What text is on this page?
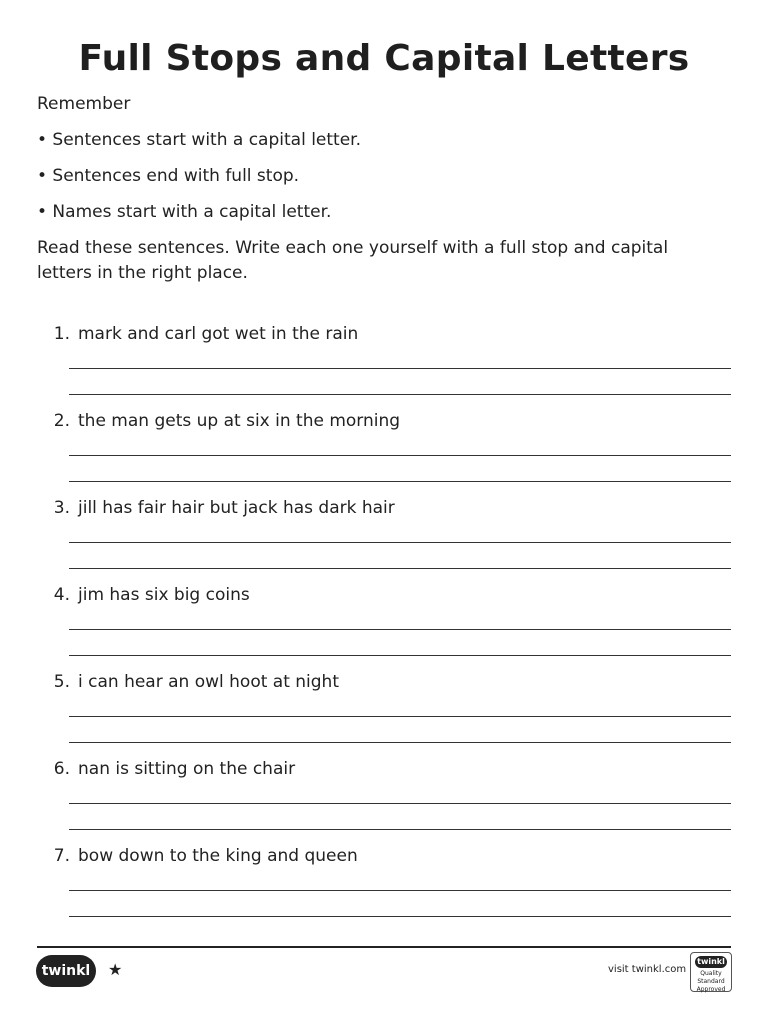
Full Stops and Capital Letters
Remember
• Sentences start with a capital letter.
• Sentences end with full stop.
• Names start with a capital letter.
Read these sentences. Write each one yourself with a full stop and capital letters in the right place.
1. mark and carl got wet in the rain
2. the man gets up at six in the morning
3. jill has fair hair but jack has dark hair
4. jim has six big coins
5. i can hear an owl hoot at night
6. nan is sitting on the chair
7. bow down to the king and queen
twinkl	★	visit twinkl.com
twinkl
Quality Standard Approved
